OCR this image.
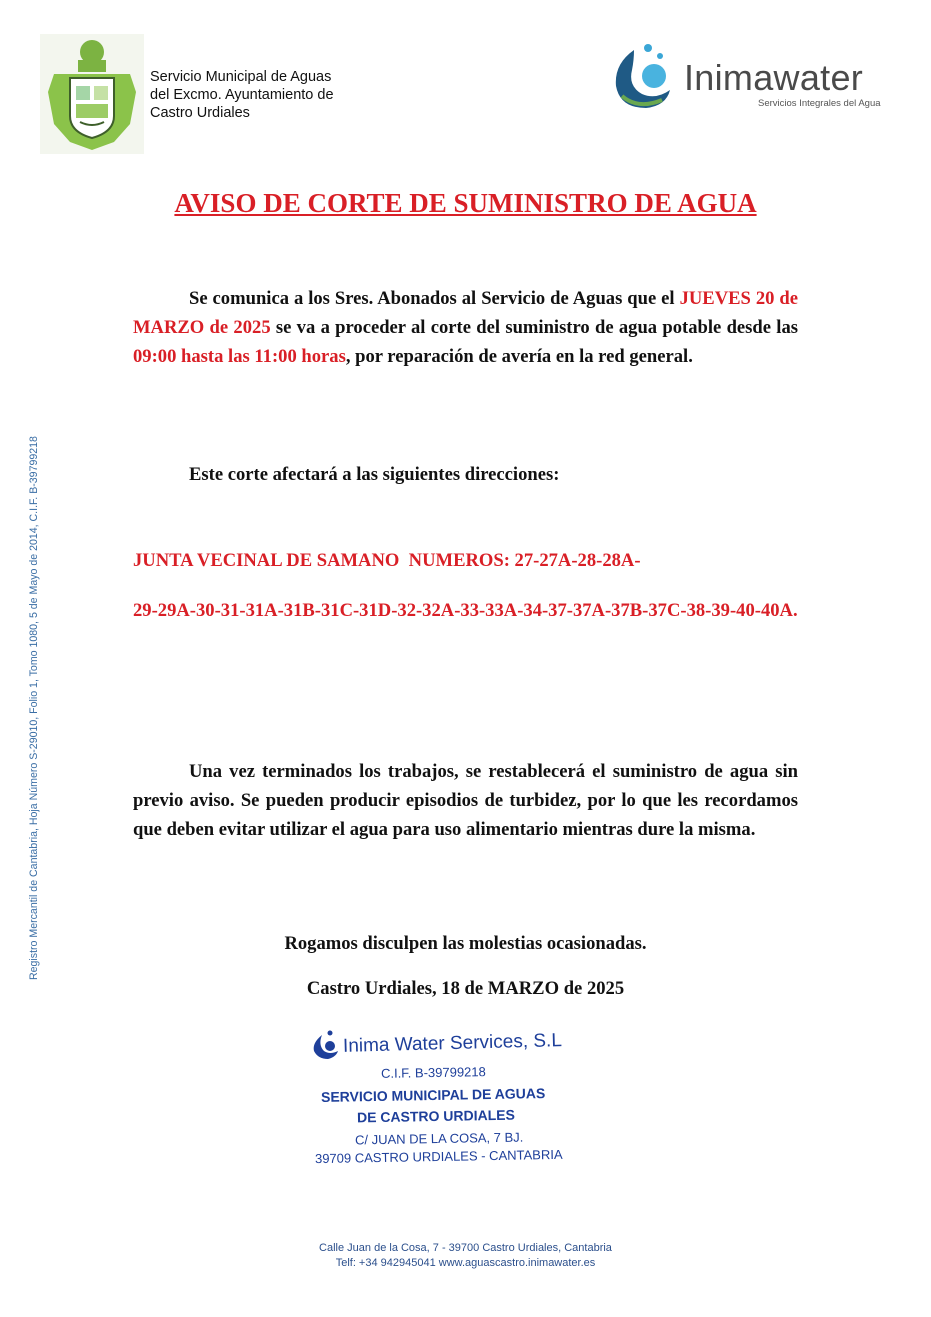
Servicio Municipal de Aguas
del Excmo. Ayuntamiento de
Castro Urdiales
Inimawater
Servicios Integrales del Agua
AVISO DE CORTE DE SUMINISTRO DE AGUA
Se comunica a los Sres. Abonados al Servicio de Aguas que el JUEVES 20 de MARZO de 2025 se va a proceder al corte del suministro de agua potable desde las 09:00 hasta las 11:00 horas, por reparación de avería en la red general.
Este corte afectará a las siguientes direcciones:
JUNTA VECINAL DE SAMANO  NUMEROS: 27-27A-28-28A-
29-29A-30-31-31A-31B-31C-31D-32-32A-33-33A-34-37-37A-37B-37C-38-39-40-40A.
Una vez terminados los trabajos, se restablecerá el suministro de agua sin previo aviso. Se pueden producir episodios de turbidez, por lo que les recordamos que deben evitar utilizar el agua para uso alimentario mientras dure la misma.
Rogamos disculpen las molestias ocasionadas.
Castro Urdiales, 18 de MARZO de 2025
Inima Water Services, S.L
C.I.F. B-39799218
SERVICIO MUNICIPAL DE AGUAS
DE CASTRO URDIALES
C/ JUAN DE LA COSA, 7 BJ.
39709 CASTRO URDIALES - CANTABRIA
Registro Mercantil de Cantabria, Hoja Número S-29010, Folio 1, Tomo 1080, 5 de Mayo de 2014, C.I.F. B-39799218
Calle Juan de la Cosa, 7 - 39700 Castro Urdiales, Cantabria
Telf: +34 942945041 www.aguascastro.inimawater.es
